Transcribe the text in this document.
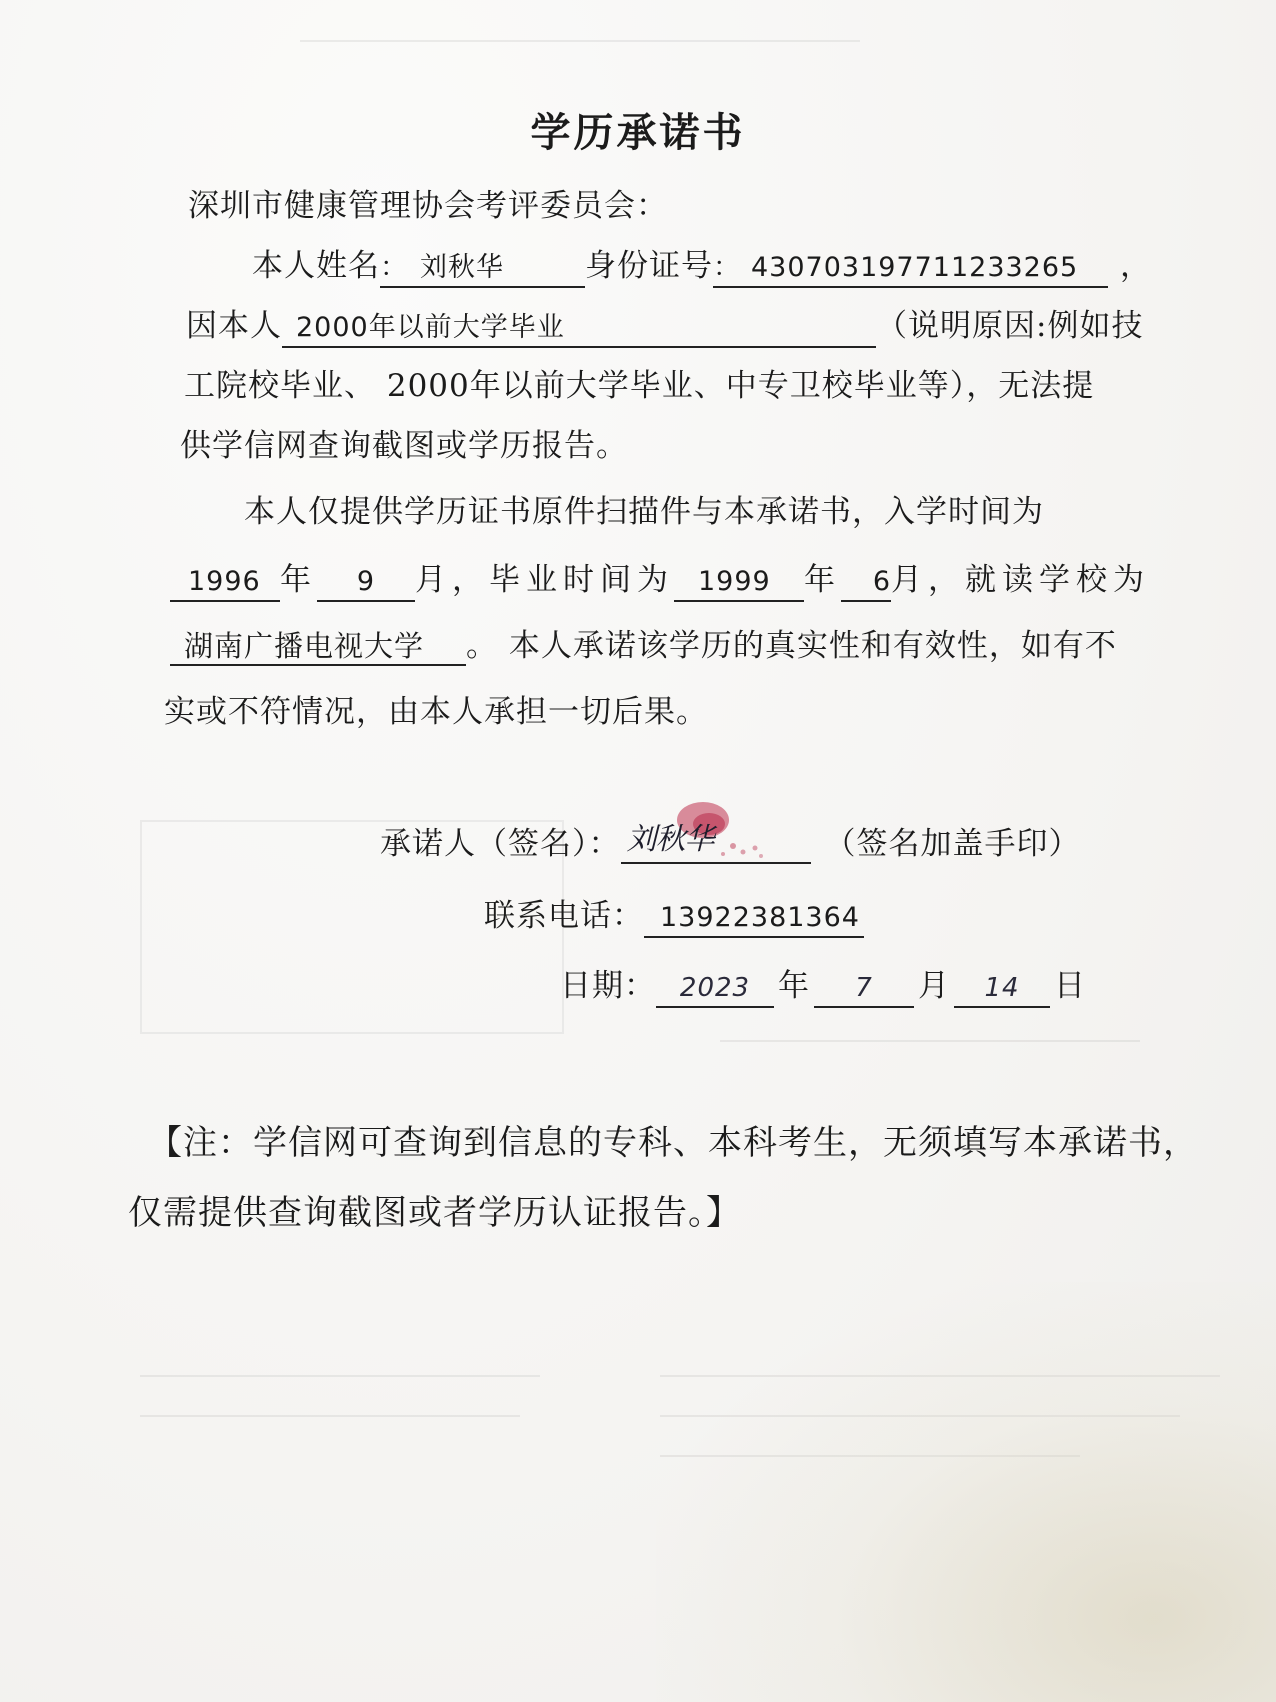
学历承诺书
深圳市健康管理协会考评委员会：
本人姓名： 刘秋华	身份证号： 430703197711233265 ，
因本人 2000年以前大学毕业	（说明原因:例如技
工院校毕业、 2000年以前大学毕业、中专卫校毕业等），无法提
供学信网查询截图或学历报告。
本人仅提供学历证书原件扫描件与本承诺书，入学时间为
1996 年 9 月，毕业时间为 1999 年 6月，就读学校为
湖南广播电视大学 。 本人承诺该学历的真实性和有效性，如有不
实或不符情况，由本人承担一切后果。
承诺人（签名）： 刘秋华	（签名加盖手印）
联系电话： 13922381364
日期： 2023 年 7 月 14 日
【注：学信网可查询到信息的专科、本科考生，无须填写本承诺书，
仅需提供查询截图或者学历认证报告。】
